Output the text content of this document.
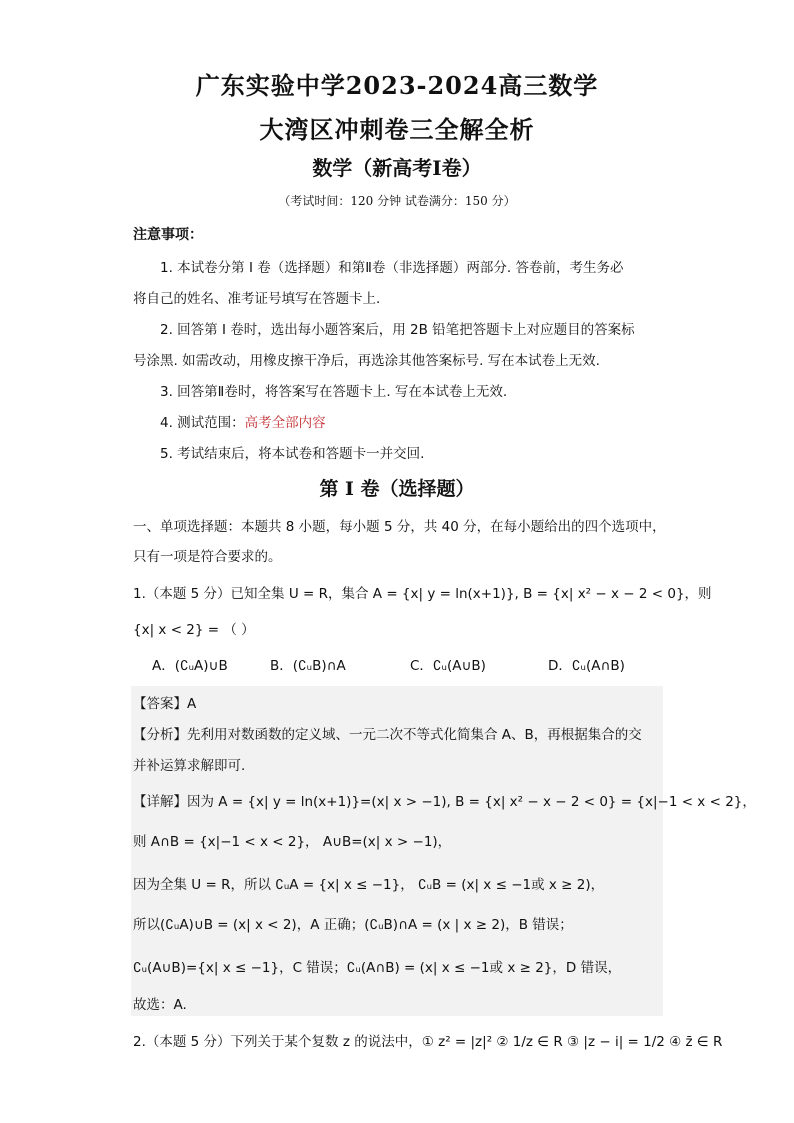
广东实验中学2023-2024高三数学
大湾区冲刺卷三全解全析
数学（新高考I卷）
（考试时间：120 分钟 试卷满分：150 分）
注意事项：
1. 本试卷分第 I 卷（选择题）和第Ⅱ卷（非选择题）两部分. 答卷前，考生务必
将自己的姓名、准考证号填写在答题卡上.
2. 回答第 I 卷时，选出每小题答案后，用 2B 铅笔把答题卡上对应题目的答案标
号涂黑. 如需改动，用橡皮擦干净后，再选涂其他答案标号. 写在本试卷上无效.
3. 回答第Ⅱ卷时，将答案写在答题卡上. 写在本试卷上无效.
4. 测试范围：高考全部内容
5. 考试结束后，将本试卷和答题卡一并交回.
第 I 卷（选择题）
一、单项选择题：本题共 8 小题，每小题 5 分，共 40 分，在每小题给出的四个选项中，
只有一项是符合要求的。
1.（本题 5 分）已知全集 U = R，集合 A = {x| y = ln(x+1)}, B = {x| x² − x − 2 < 0}，则
{x| x < 2} = （ ）
A．(∁ᵤA)∪B	B．(∁ᵤB)∩A	C．∁ᵤ(A∪B)	D．∁ᵤ(A∩B)
【答案】A
【分析】先利用对数函数的定义域、一元二次不等式化简集合 A、B，再根据集合的交
并补运算求解即可.
【详解】因为 A = {x| y = ln(x+1)}=(x| x > −1), B = {x| x² − x − 2 < 0} = {x|−1 < x < 2}，
则 A∩B = {x|−1 < x < 2}， A∪B=(x| x > −1)，
因为全集 U = R，所以 ∁ᵤA = {x| x ≤ −1}， ∁ᵤB = (x| x ≤ −1或 x ≥ 2)，
所以(∁ᵤA)∪B = (x| x < 2)，A 正确；(∁ᵤB)∩A = (x | x ≥ 2)，B 错误；
∁ᵤ(A∪B)={x| x ≤ −1}，C 错误；∁ᵤ(A∩B) = (x| x ≤ −1或 x ≥ 2}，D 错误，
故选：A.
2.（本题 5 分）下列关于某个复数 z 的说法中，① z² = |z|² ② 1/z ∈ R ③ |z − i| = 1/2 ④ z̄ ∈ R
